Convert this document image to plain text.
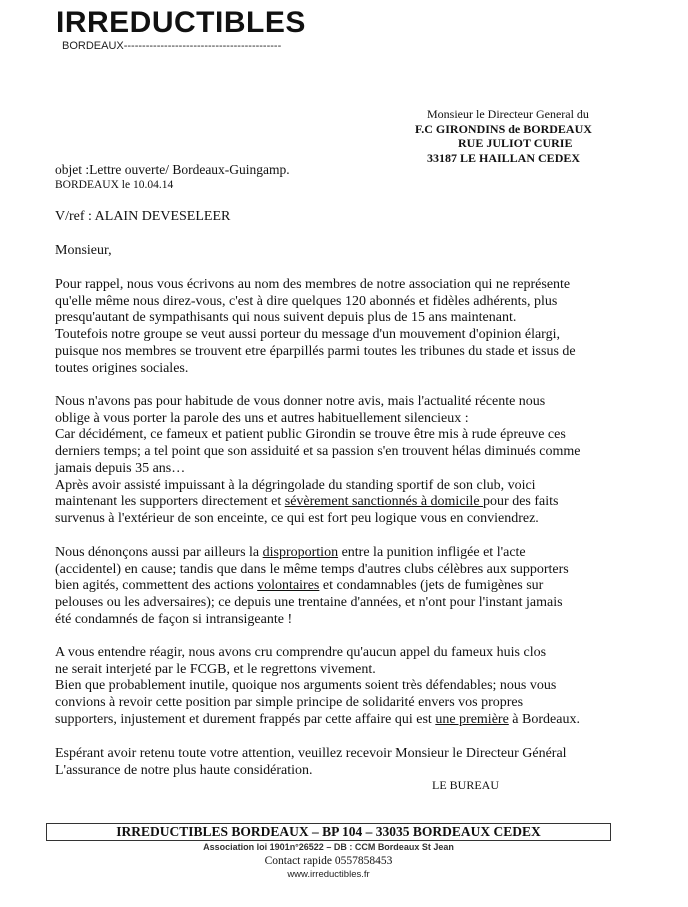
IRREDUCTIBLES
BORDEAUX-------------------------------------------
Monsieur le Directeur General du
F.C GIRONDINS de BORDEAUX
RUE JULIOT CURIE
33187 LE HAILLAN CEDEX
objet :Lettre ouverte/ Bordeaux-Guingamp.
BORDEAUX le 10.04.14
V/ref : ALAIN DEVESELEER
Monsieur,
Pour rappel, nous vous écrivons au nom des membres de notre association qui ne représente
qu'elle même nous direz-vous, c'est à dire quelques 120 abonnés et fidèles adhérents, plus
presqu'autant de sympathisants qui nous suivent depuis plus de 15 ans maintenant.
Toutefois notre groupe se veut aussi porteur du message d'un mouvement d'opinion élargi,
puisque nos membres se trouvent etre éparpillés parmi toutes les tribunes du stade et issus de
toutes origines sociales.
Nous n'avons pas pour habitude de vous donner notre avis, mais l'actualité récente nous
oblige à vous porter la parole des uns et autres habituellement silencieux :
Car décidément, ce fameux et patient public Girondin se trouve être mis à rude épreuve ces
derniers temps; a tel point que son assiduité et sa passion s'en trouvent hélas diminués comme
jamais depuis 35 ans…
Après avoir assisté impuissant à la dégringolade du standing sportif de son club, voici
maintenant les supporters directement et sévèrement sanctionnés à domicile pour des faits
survenus à l'extérieur de son enceinte, ce qui est fort peu logique vous en conviendrez.
Nous dénonçons aussi par ailleurs la disproportion entre la punition infligée et l'acte
(accidentel) en cause; tandis que dans le même temps d'autres clubs célèbres aux supporters
bien agités, commettent des actions volontaires et condamnables (jets de fumigènes sur
pelouses ou les adversaires); ce depuis une trentaine d'années, et n'ont pour l'instant jamais
été condamnés de façon si intransigeante !
A vous entendre réagir, nous avons cru comprendre qu'aucun appel du fameux huis clos
ne serait interjeté par le FCGB, et le regrettons vivement.
Bien que probablement inutile, quoique nos arguments soient très défendables; nous vous
convions à revoir cette position par simple principe de solidarité envers vos propres
supporters, injustement et durement frappés par cette affaire qui est une première à Bordeaux.
Espérant avoir retenu toute votre attention, veuillez recevoir Monsieur le Directeur Général
L'assurance de notre plus haute considération.
LE BUREAU
IRREDUCTIBLES BORDEAUX – BP 104 – 33035 BORDEAUX CEDEX
Association loi 1901n°26522 – DB : CCM Bordeaux St Jean
Contact rapide 0557858453
www.irreductibles.fr
